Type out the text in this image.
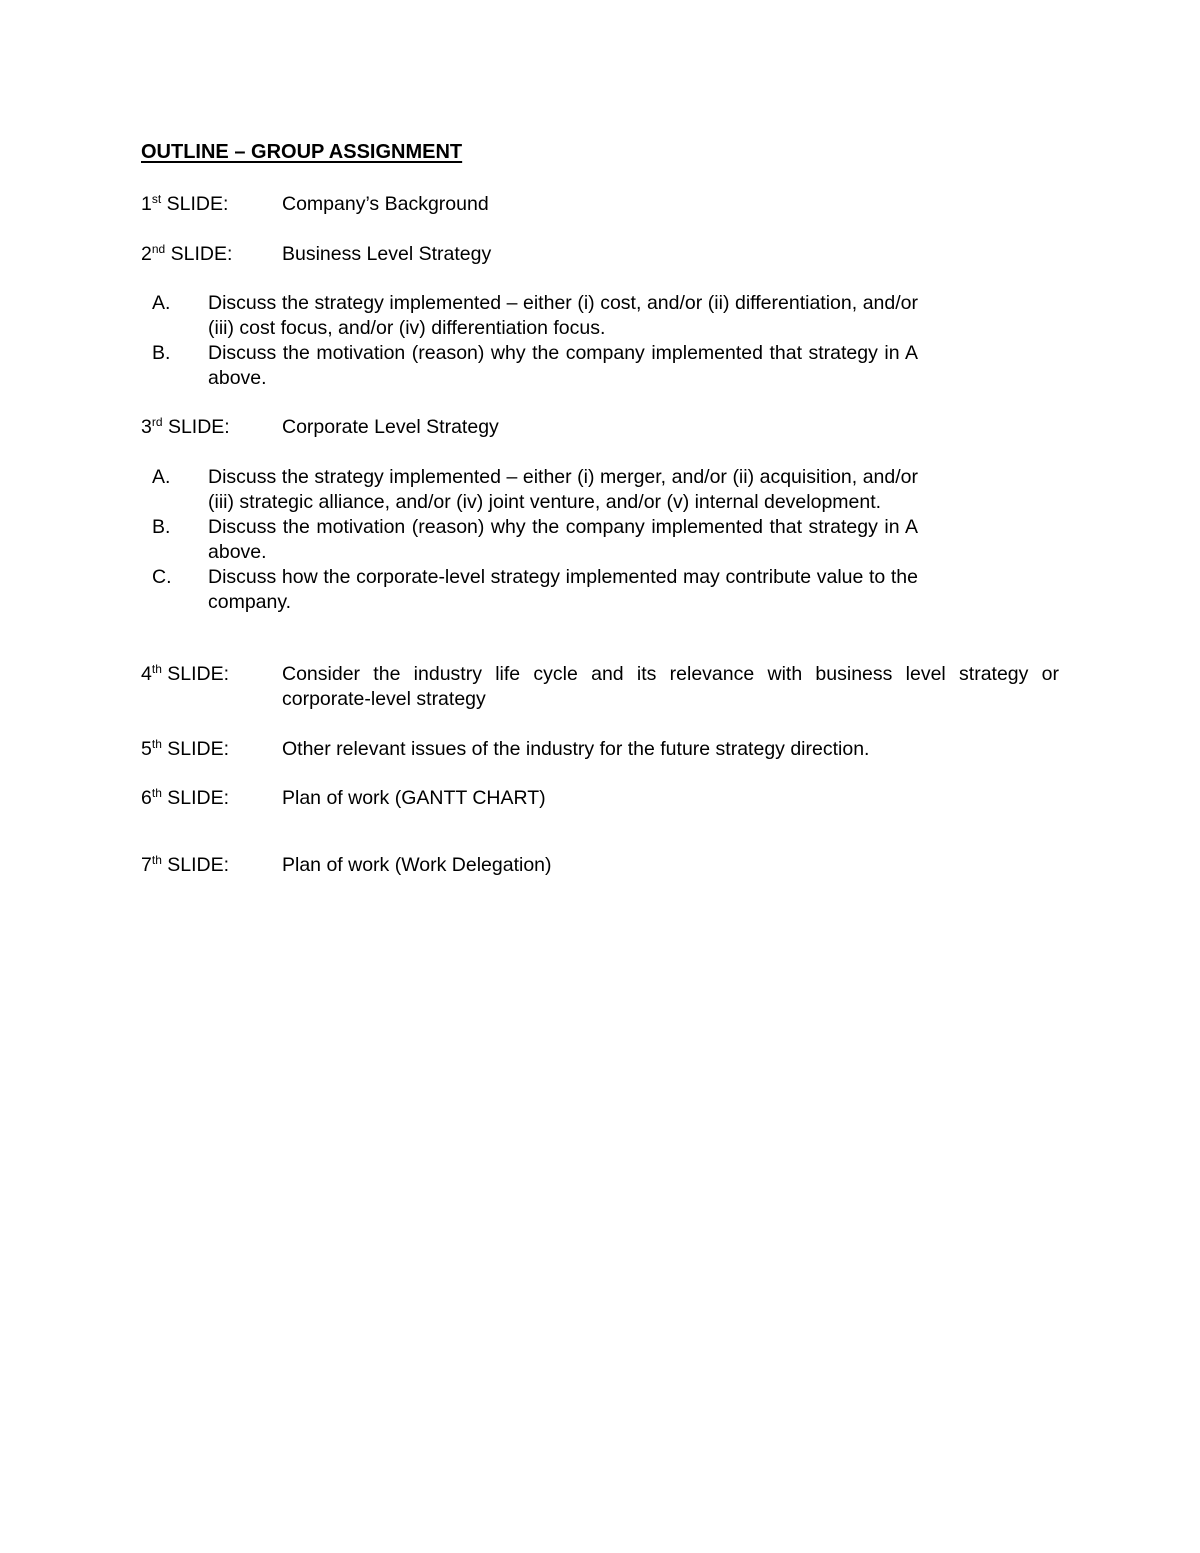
OUTLINE – GROUP ASSIGNMENT
1st SLIDE:	Company’s Background
2nd SLIDE:	Business Level Strategy
A. Discuss the strategy implemented – either (i) cost, and/or (ii) differentiation, and/or (iii) cost focus, and/or (iv) differentiation focus.
B. Discuss the motivation (reason) why the company implemented that strategy in A above.
3rd SLIDE:	Corporate Level Strategy
A. Discuss the strategy implemented – either (i) merger, and/or (ii) acquisition, and/or (iii) strategic alliance, and/or (iv) joint venture, and/or (v) internal development.
B. Discuss the motivation (reason) why the company implemented that strategy in A above.
C. Discuss how the corporate-level strategy implemented may contribute value to the company.
4th SLIDE:	Consider the industry life cycle and its relevance with business level strategy or corporate-level strategy
5th SLIDE:	Other relevant issues of the industry for the future strategy direction.
6th SLIDE:	Plan of work (GANTT CHART)
7th SLIDE:	Plan of work (Work Delegation)
